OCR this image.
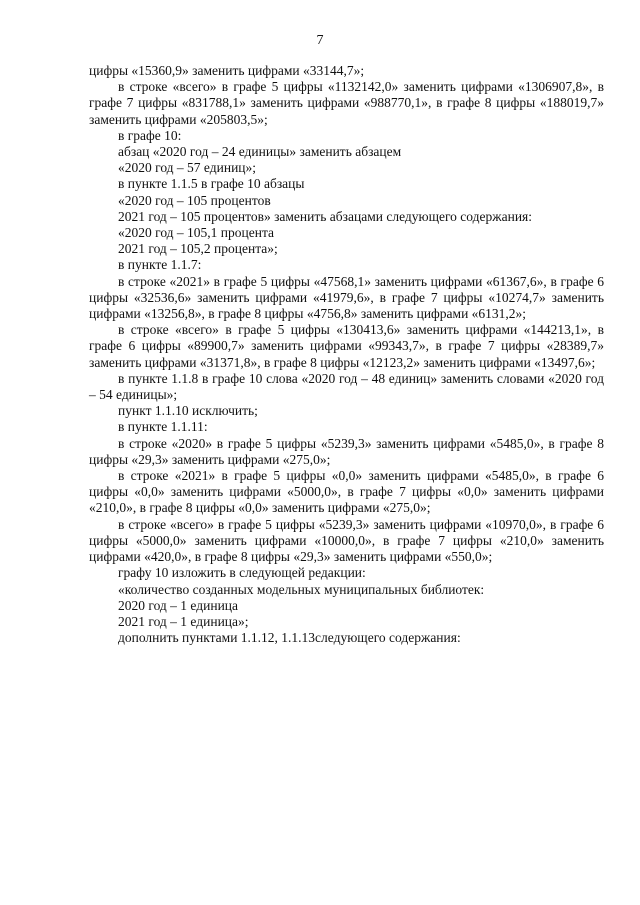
7

цифры «15360,9» заменить цифрами «33144,7»;

в строке «всего» в графе 5 цифры «1132142,0» заменить цифрами «1306907,8», в графе 7 цифры «831788,1» заменить цифрами «988770,1», в графе 8 цифры «188019,7» заменить цифрами «205803,5»;

в графе 10:

абзац «2020 год – 24 единицы» заменить абзацем

«2020 год – 57 единиц»;

в пункте 1.1.5 в графе 10 абзацы

«2020 год – 105 процентов

2021 год – 105 процентов» заменить абзацами следующего содержания:

«2020 год – 105,1 процента

2021 год – 105,2 процента»;

в пункте 1.1.7:

в строке «2021» в графе 5 цифры «47568,1» заменить цифрами «61367,6», в графе 6 цифры «32536,6» заменить цифрами «41979,6», в графе 7 цифры «10274,7» заменить цифрами «13256,8», в графе 8 цифры «4756,8» заменить цифрами «6131,2»;

в строке «всего» в графе 5 цифры «130413,6» заменить цифрами «144213,1», в графе 6 цифры «89900,7» заменить цифрами «99343,7», в графе 7 цифры «28389,7» заменить цифрами «31371,8», в графе 8 цифры «12123,2» заменить цифрами «13497,6»;

в пункте 1.1.8 в графе 10 слова «2020 год – 48 единиц» заменить словами «2020 год – 54 единицы»;

пункт 1.1.10 исключить;

в пункте 1.1.11:

в строке «2020» в графе 5 цифры «5239,3» заменить цифрами «5485,0», в графе 8 цифры «29,3» заменить цифрами «275,0»;

в строке «2021» в графе 5 цифры «0,0» заменить цифрами «5485,0», в графе 6 цифры «0,0» заменить цифрами «5000,0», в графе 7 цифры «0,0» заменить цифрами «210,0», в графе 8 цифры «0,0» заменить цифрами «275,0»;

в строке «всего» в графе 5 цифры «5239,3» заменить цифрами «10970,0», в графе 6 цифры «5000,0» заменить цифрами «10000,0», в графе 7 цифры «210,0» заменить цифрами «420,0», в графе 8 цифры «29,3» заменить цифрами «550,0»;

графу 10 изложить в следующей редакции:

«количество созданных модельных муниципальных библиотек:

2020 год – 1 единица

2021 год – 1 единица»;

дополнить пунктами 1.1.12, 1.1.13следующего содержания:
